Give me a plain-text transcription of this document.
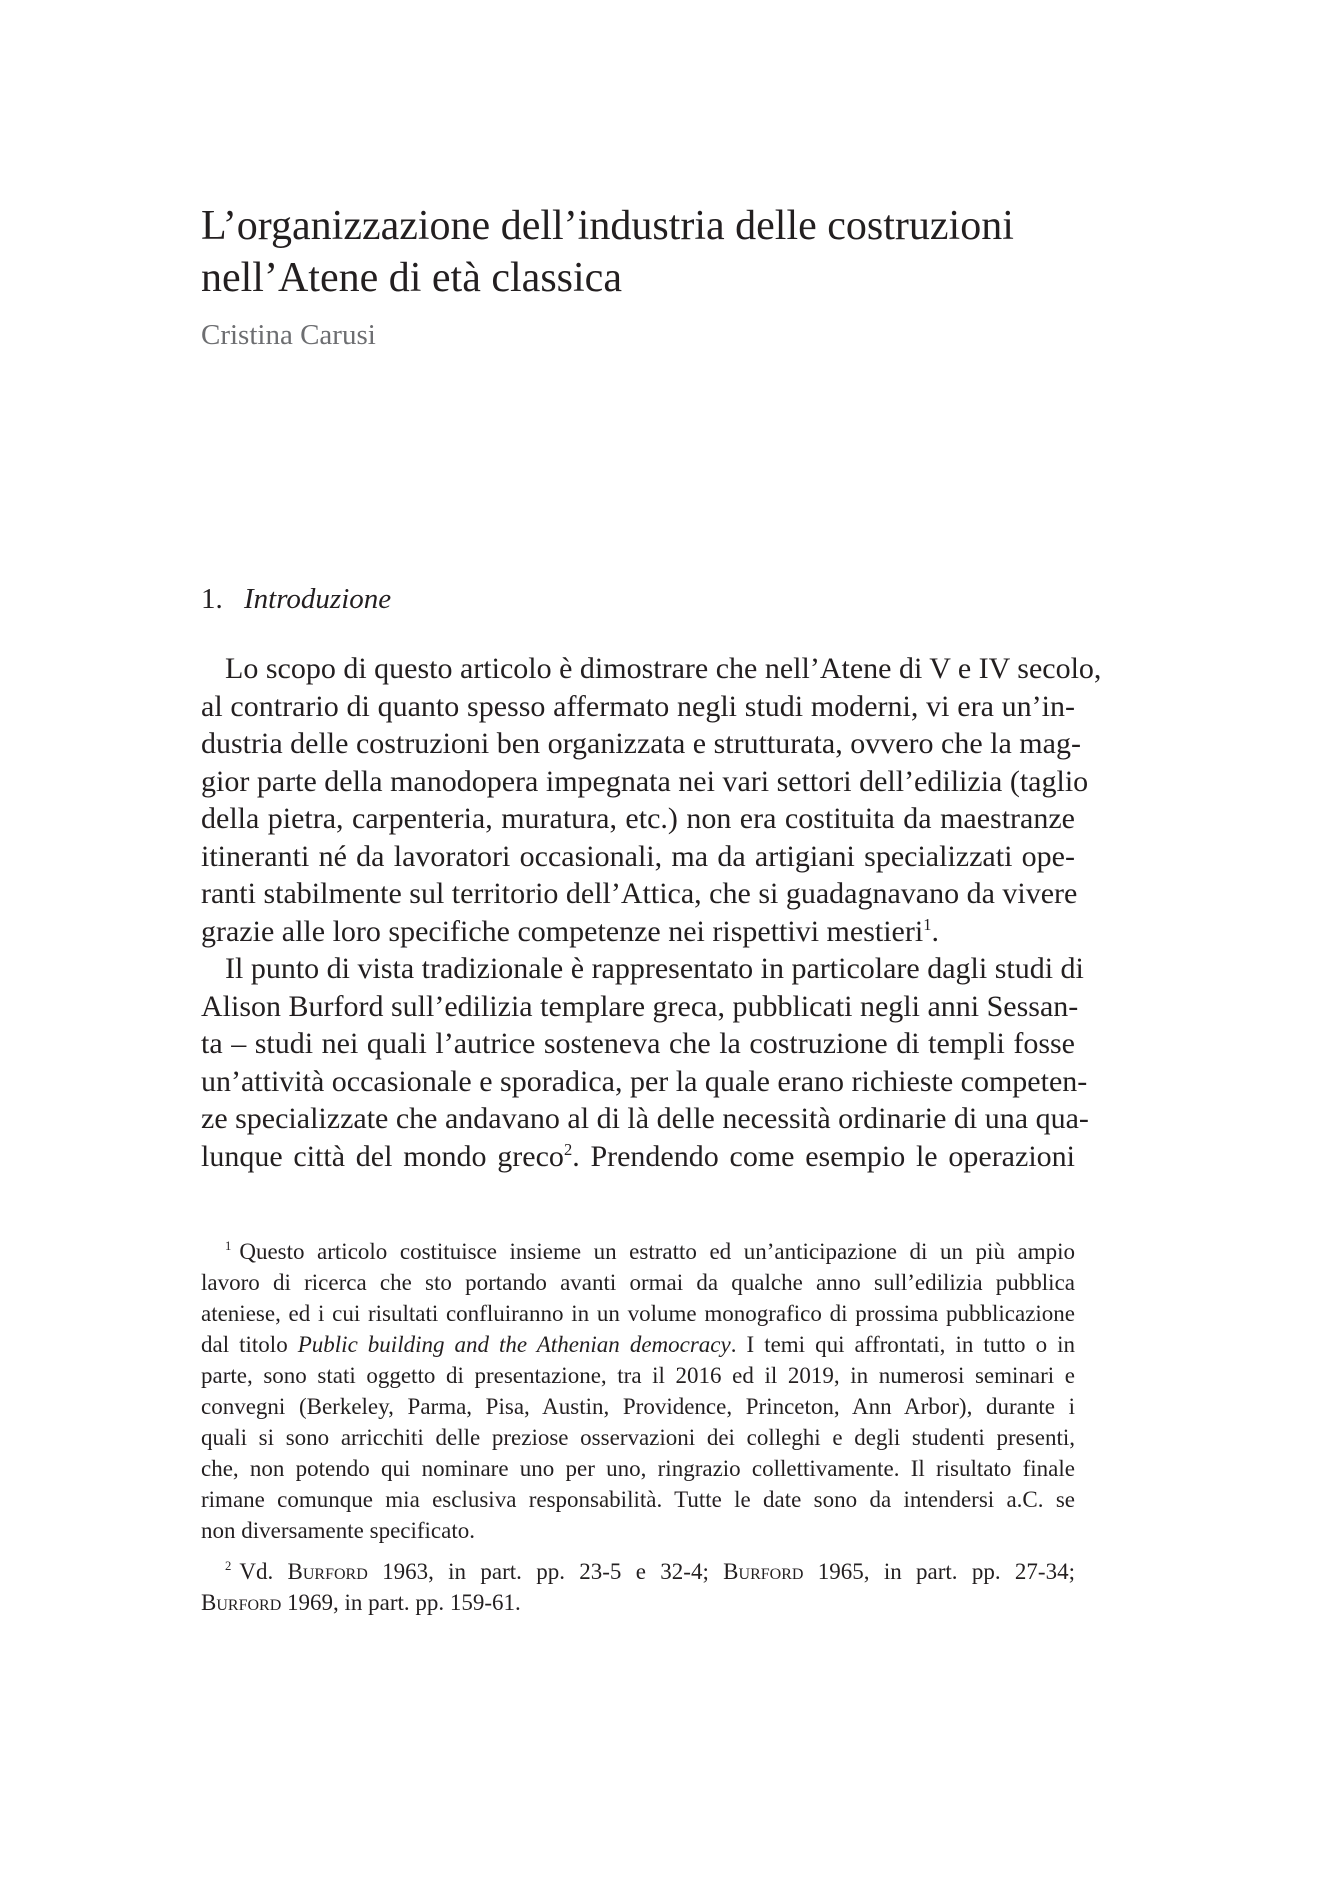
L’organizzazione dell’industria delle costruzioni
nell’Atene di età classica
Cristina Carusi
1. Introduzione
Lo scopo di questo articolo è dimostrare che nell’Atene di V e IV secolo,
al contrario di quanto spesso affermato negli studi moderni, vi era un’in-
dustria delle costruzioni ben organizzata e strutturata, ovvero che la mag-
gior parte della manodopera impegnata nei vari settori dell’edilizia (taglio
della pietra, carpenteria, muratura, etc.) non era costituita da maestranze
itineranti né da lavoratori occasionali, ma da artigiani specializzati ope-
ranti stabilmente sul territorio dell’Attica, che si guadagnavano da vivere
grazie alle loro specifiche competenze nei rispettivi mestieri$^1$.
Il punto di vista tradizionale è rappresentato in particolare dagli studi di
Alison Burford sull’edilizia templare greca, pubblicati negli anni Sessan-
ta – studi nei quali l’autrice sosteneva che la costruzione di templi fosse
un’attività occasionale e sporadica, per la quale erano richieste competen-
ze specializzate che andavano al di là delle necessità ordinarie di una qua-
lunque città del mondo greco$^2$. Prendendo come esempio le operazioni
$^1$ Questo articolo costituisce insieme un estratto ed un’anticipazione di un più ampio
lavoro di ricerca che sto portando avanti ormai da qualche anno sull’edilizia pubblica
ateniese, ed i cui risultati confluiranno in un volume monografico di prossima pubblicazione
dal titolo Public building and the Athenian democracy. I temi qui affrontati, in tutto o in
parte, sono stati oggetto di presentazione, tra il 2016 ed il 2019, in numerosi seminari e
convegni (Berkeley, Parma, Pisa, Austin, Providence, Princeton, Ann Arbor), durante i
quali si sono arricchiti delle preziose osservazioni dei colleghi e degli studenti presenti,
che, non potendo qui nominare uno per uno, ringrazio collettivamente. Il risultato finale
rimane comunque mia esclusiva responsabilità. Tutte le date sono da intendersi a.C. se
non diversamente specificato.
$^2$ Vd. Burford 1963, in part. pp. 23-5 e 32-4; Burford 1965, in part. pp. 27-34;
Burford 1969, in part. pp. 159-61.
